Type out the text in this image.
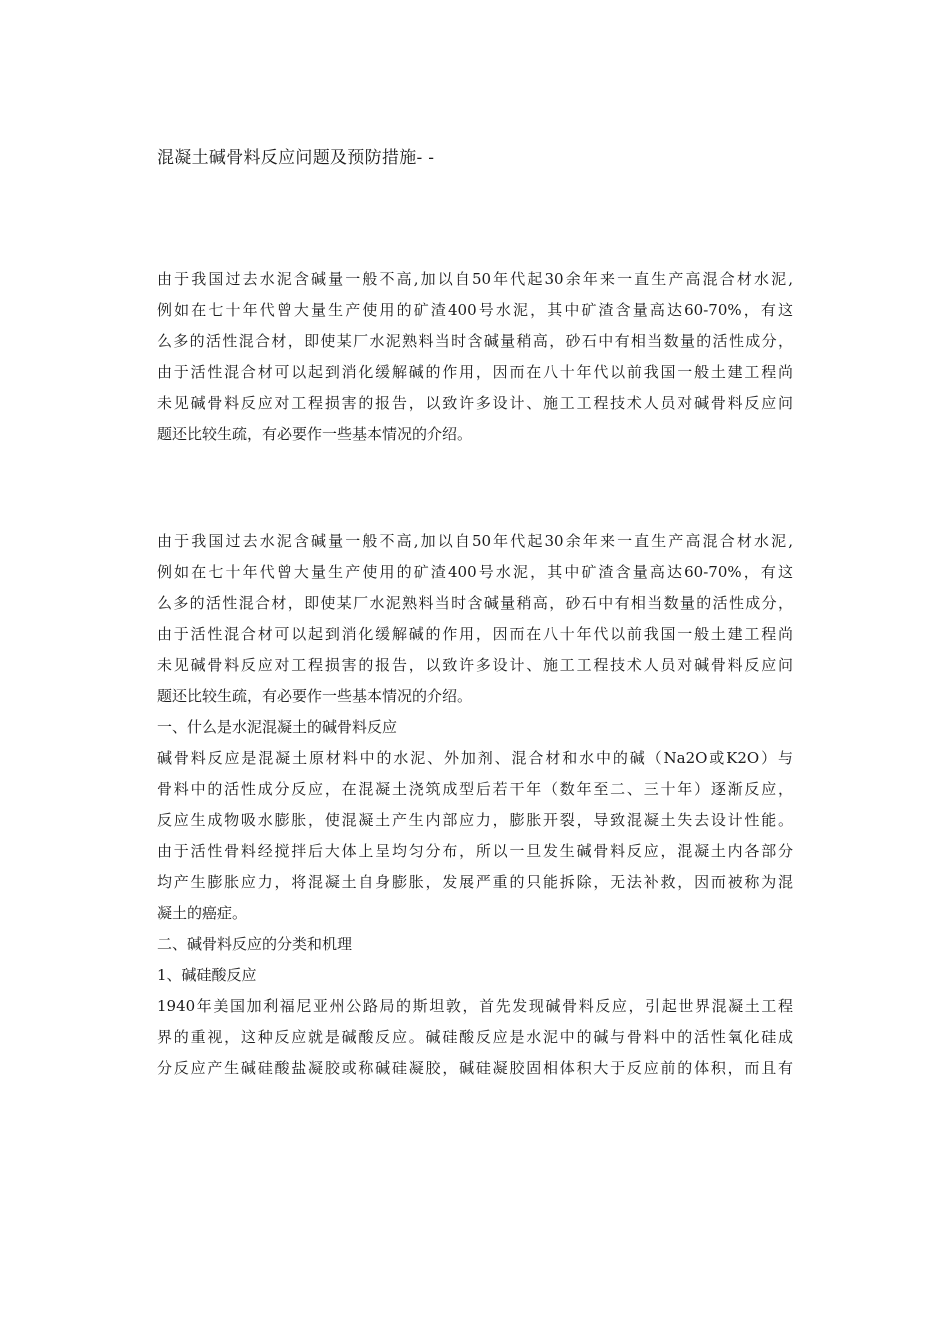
混凝土碱骨料反应问题及预防措施- -
由于我国过去水泥含碱量一般不高,加以自50年代起30余年来一直生产高混合材水泥,
例如在七十年代曾大量生产使用的矿渣400号水泥，其中矿渣含量高达60-70%，有这
么多的活性混合材，即使某厂水泥熟料当时含碱量稍高，砂石中有相当数量的活性成分，
由于活性混合材可以起到消化缓解碱的作用，因而在八十年代以前我国一般土建工程尚
未见碱骨料反应对工程损害的报告，以致许多设计、施工工程技术人员对碱骨料反应问
题还比较生疏，有必要作一些基本情况的介绍。
由于我国过去水泥含碱量一般不高,加以自50年代起30余年来一直生产高混合材水泥,
例如在七十年代曾大量生产使用的矿渣400号水泥，其中矿渣含量高达60-70%，有这
么多的活性混合材，即使某厂水泥熟料当时含碱量稍高，砂石中有相当数量的活性成分，
由于活性混合材可以起到消化缓解碱的作用，因而在八十年代以前我国一般土建工程尚
未见碱骨料反应对工程损害的报告，以致许多设计、施工工程技术人员对碱骨料反应问
题还比较生疏，有必要作一些基本情况的介绍。
一、什么是水泥混凝土的碱骨料反应
碱骨料反应是混凝土原材料中的水泥、外加剂、混合材和水中的碱（Na2O或K2O）与
骨料中的活性成分反应，在混凝土浇筑成型后若干年（数年至二、三十年）逐渐反应，
反应生成物吸水膨胀，使混凝土产生内部应力，膨胀开裂，导致混凝土失去设计性能。
由于活性骨料经搅拌后大体上呈均匀分布，所以一旦发生碱骨料反应，混凝土内各部分
均产生膨胀应力，将混凝土自身膨胀，发展严重的只能拆除，无法补救，因而被称为混
凝土的癌症。
二、碱骨料反应的分类和机理
1、碱硅酸反应
1940年美国加利福尼亚州公路局的斯坦敦，首先发现碱骨料反应，引起世界混凝土工程
界的重视，这种反应就是碱酸反应。碱硅酸反应是水泥中的碱与骨料中的活性氧化硅成
分反应产生碱硅酸盐凝胶或称碱硅凝胶，碱硅凝胶固相体积大于反应前的体积，而且有
